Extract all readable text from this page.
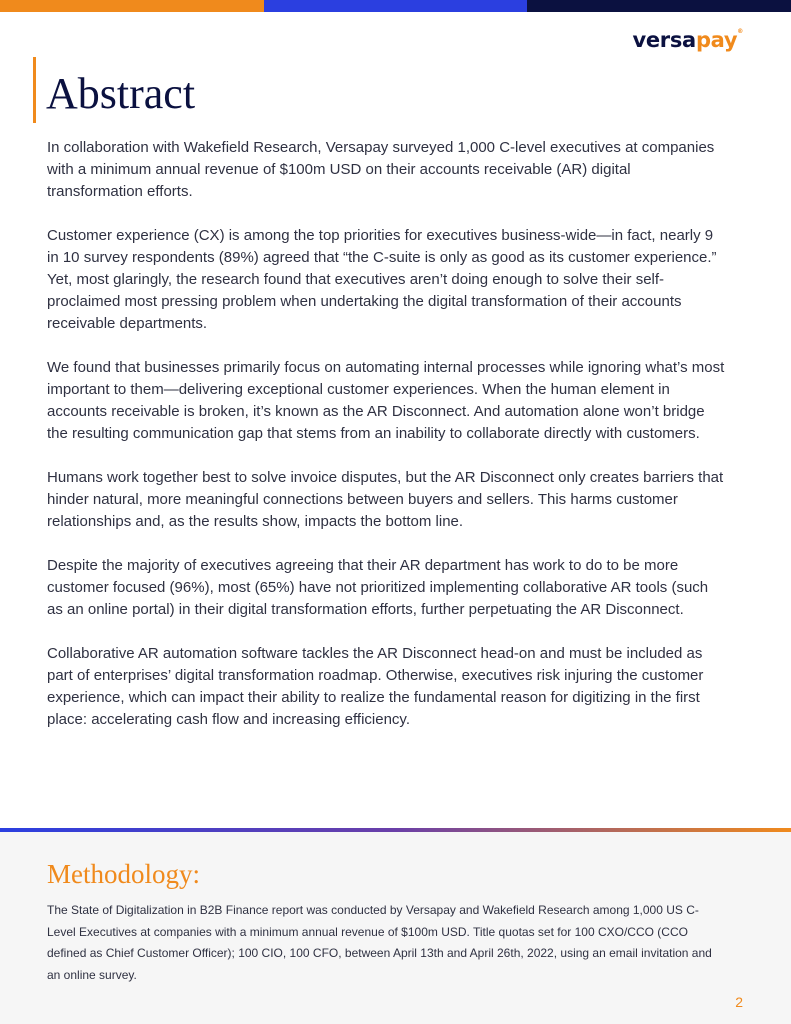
versapay®
Abstract

In collaboration with Wakefield Research, Versapay surveyed 1,000 C-level executives at companies with a minimum annual revenue of $100m USD on their accounts receivable (AR) digital transformation efforts.

Customer experience (CX) is among the top priorities for executives business-wide—in fact, nearly 9 in 10 survey respondents (89%) agreed that “the C-suite is only as good as its customer experience.” Yet, most glaringly, the research found that executives aren’t doing enough to solve their self-proclaimed most pressing problem when undertaking the digital transformation of their accounts receivable departments.

We found that businesses primarily focus on automating internal processes while ignoring what’s most important to them—delivering exceptional customer experiences. When the human element in accounts receivable is broken, it’s known as the AR Disconnect. And automation alone won’t bridge the resulting communication gap that stems from an inability to collaborate directly with customers.

Humans work together best to solve invoice disputes, but the AR Disconnect only creates barriers that hinder natural, more meaningful connections between buyers and sellers. This harms customer relationships and, as the results show, impacts the bottom line.

Despite the majority of executives agreeing that their AR department has work to do to be more customer focused (96%), most (65%) have not prioritized implementing collaborative AR tools (such as an online portal) in their digital transformation efforts, further perpetuating the AR Disconnect.

Collaborative AR automation software tackles the AR Disconnect head-on and must be included as part of enterprises’ digital transformation roadmap. Otherwise, executives risk injuring the customer experience, which can impact their ability to realize the fundamental reason for digitizing in the first place: accelerating cash flow and increasing efficiency.

Methodology:

The State of Digitalization in B2B Finance report was conducted by Versapay and Wakefield Research among 1,000 US C-Level Executives at companies with a minimum annual revenue of $100m USD. Title quotas set for 100 CXO/CCO (CCO defined as Chief Customer Officer); 100 CIO, 100 CFO, between April 13th and April 26th, 2022, using an email invitation and an online survey.

2
